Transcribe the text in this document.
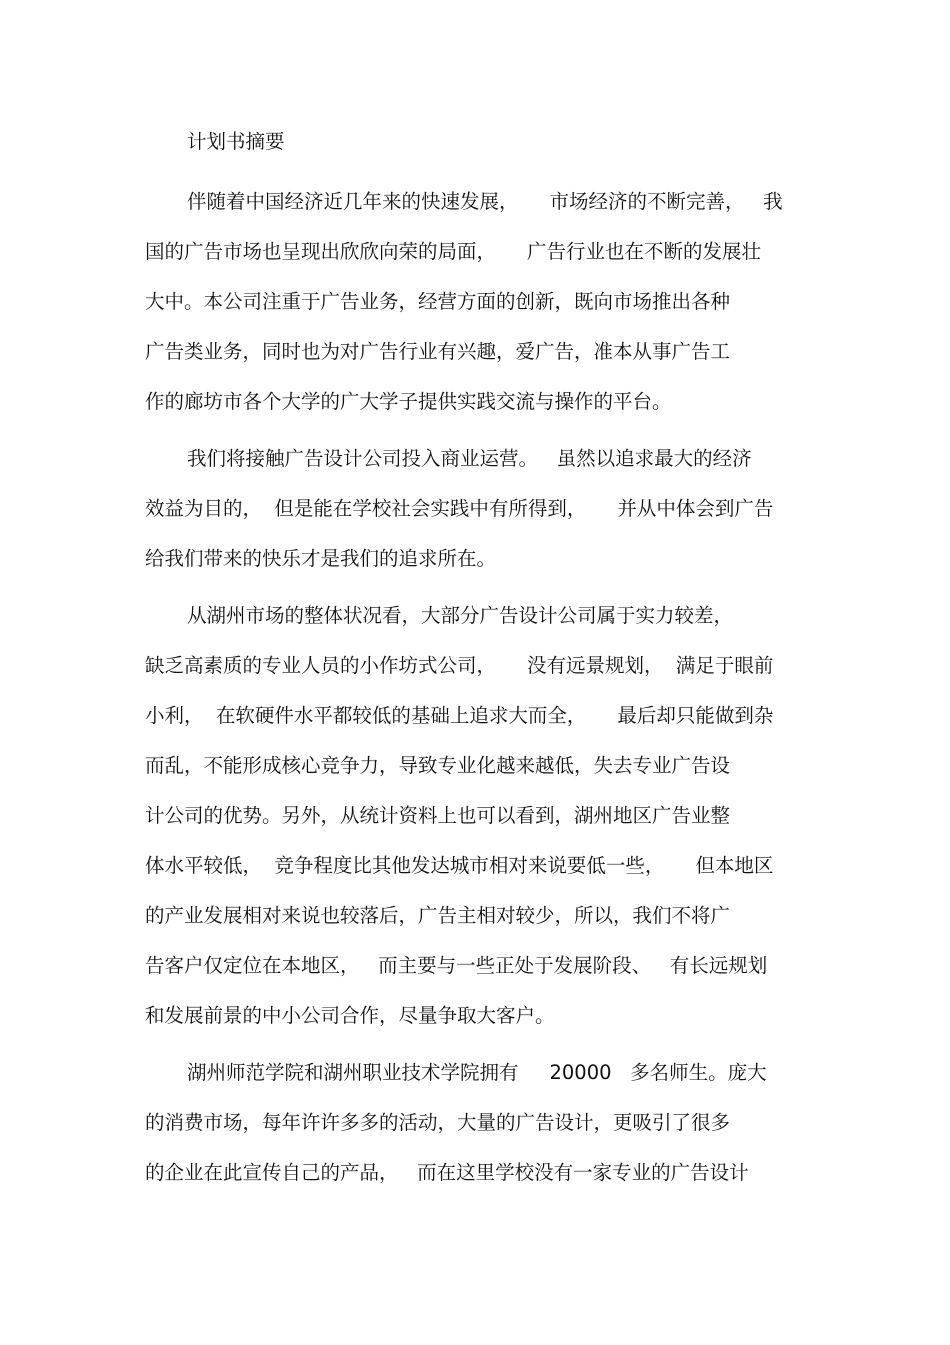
计划书摘要
伴随着中国经济近几年来的快速发展，     市场经济的不断完善，   我
国的广告市场也呈现出欣欣向荣的局面，     广告行业也在不断的发展壮
大中。本公司注重于广告业务，经营方面的创新，既向市场推出各种
广告类业务，同时也为对广告行业有兴趣，爱广告，准本从事广告工
作的廊坊市各个大学的广大学子提供实践交流与操作的平台。
我们将接触广告设计公司投入商业运营。   虽然以追求最大的经济
效益为目的，  但是能在学校社会实践中有所得到，     并从中体会到广告
给我们带来的快乐才是我们的追求所在。
从湖州市场的整体状况看，大部分广告设计公司属于实力较差，
缺乏高素质的专业人员的小作坊式公司，     没有远景规划，  满足于眼前
小利，  在软硬件水平都较低的基础上追求大而全，     最后却只能做到杂
而乱，不能形成核心竞争力，导致专业化越来越低，失去专业广告设
计公司的优势。另外，从统计资料上也可以看到，湖州地区广告业整
体水平较低，  竞争程度比其他发达城市相对来说要低一些，     但本地区
的产业发展相对来说也较落后，广告主相对较少，所以，我们不将广
告客户仅定位在本地区，   而主要与一些正处于发展阶段、   有长远规划
和发展前景的中小公司合作，尽量争取大客户。
湖州师范学院和湖州职业技术学院拥有     20000   多名师生。庞大
的消费市场，每年许许多多的活动，大量的广告设计，更吸引了很多
的企业在此宣传自己的产品，   而在这里学校没有一家专业的广告设计
